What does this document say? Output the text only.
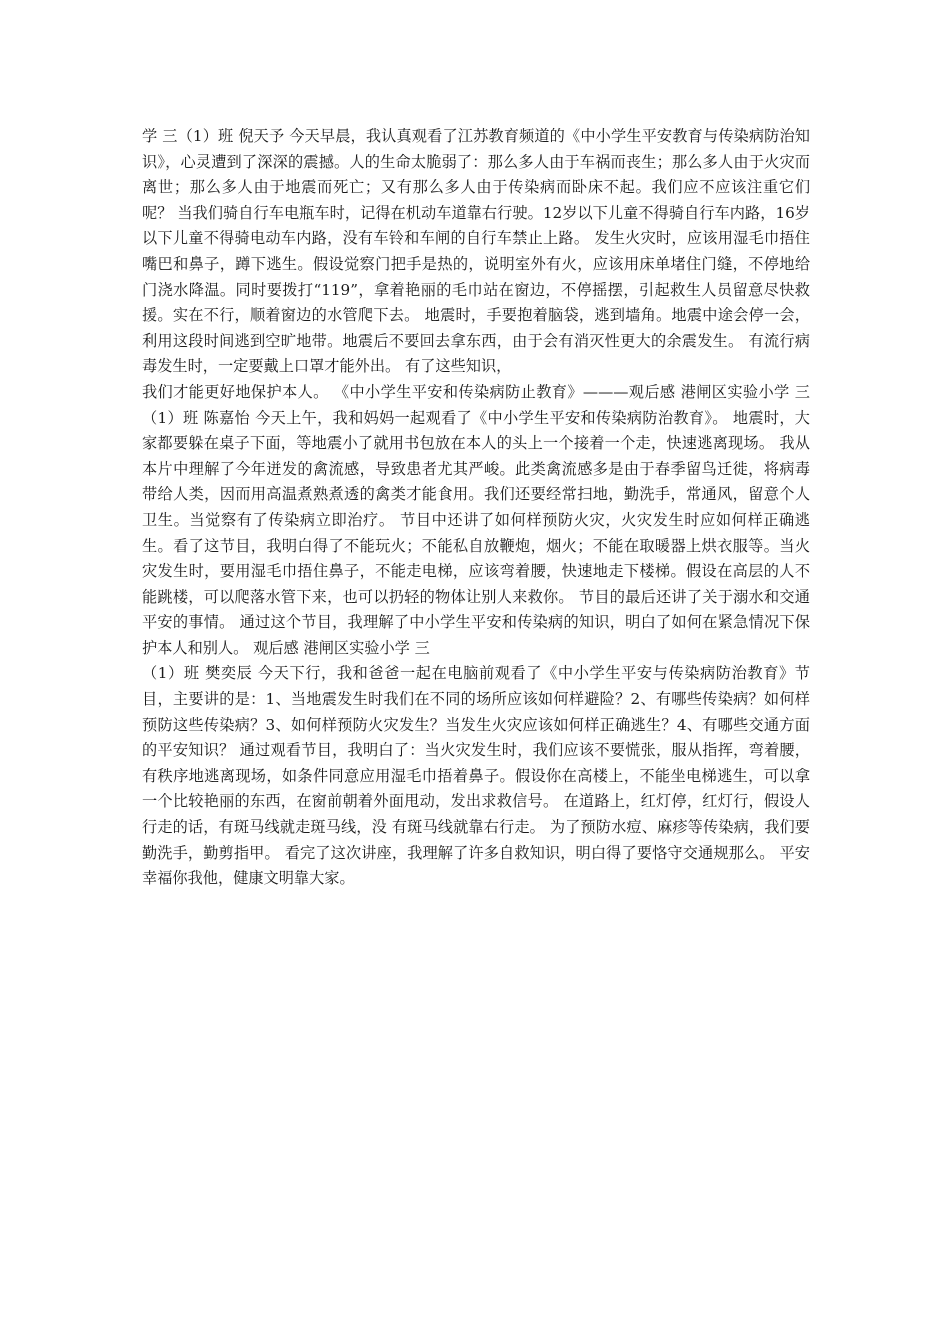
学 三（1）班 倪天予 今天早晨，我认真观看了江苏教育频道的《中小学生平安教育与传染病防治知识》，心灵遭到了深深的震撼。人的生命太脆弱了：那么多人由于车祸而丧生；那么多人由于火灾而离世；那么多人由于地震而死亡；又有那么多人由于传染病而卧床不起。我们应不应该注重它们呢？ 当我们骑自行车电瓶车时，记得在机动车道靠右行驶。12岁以下儿童不得骑自行车内路，16岁以下儿童不得骑电动车内路，没有车铃和车闸的自行车禁止上路。 发生火灾时，应该用湿毛巾捂住嘴巴和鼻子，蹲下逃生。假设觉察门把手是热的，说明室外有火，应该用床单堵住门缝，不停地给门浇水降温。同时要拨打“119”，拿着艳丽的毛巾站在窗边，不停摇摆，引起救生人员留意尽快救援。实在不行，顺着窗边的水管爬下去。 地震时，手要抱着脑袋，逃到墙角。地震中途会停一会，利用这段时间逃到空旷地带。地震后不要回去拿东西，由于会有消灭性更大的余震发生。 有流行病毒发生时，一定要戴上口罩才能外出。 有了这些知识，

我们才能更好地保护本人。 《中小学生平安和传染病防止教育》———观后感 港闸区实验小学 三（1）班 陈嘉怡 今天上午，我和妈妈一起观看了《中小学生平安和传染病防治教育》。 地震时，大家都要躲在桌子下面，等地震小了就用书包放在本人的头上一个接着一个走，快速逃离现场。 我从本片中理解了今年迸发的禽流感，导致患者尤其严峻。此类禽流感多是由于春季留鸟迁徙，将病毒带给人类，因而用高温煮熟煮透的禽类才能食用。我们还要经常扫地，勤洗手，常通风，留意个人卫生。当觉察有了传染病立即治疗。 节目中还讲了如何样预防火灾，火灾发生时应如何样正确逃生。看了这节目，我明白得了不能玩火；不能私自放鞭炮，烟火；不能在取暖器上烘衣服等。当火灾发生时，要用湿毛巾捂住鼻子，不能走电梯，应该弯着腰，快速地走下楼梯。假设在高层的人不能跳楼，可以爬落水管下来，也可以扔轻的物体让别人来救你。 节目的最后还讲了关于溺水和交通平安的事情。 通过这个节目，我理解了中小学生平安和传染病的知识，明白了如何在紧急情况下保护本人和别人。 观后感 港闸区实验小学 三

（1）班 樊奕辰 今天下行，我和爸爸一起在电脑前观看了《中小学生平安与传染病防治教育》节目，主要讲的是：1、当地震发生时我们在不同的场所应该如何样避险？2、有哪些传染病？如何样预防这些传染病？3、如何样预防火灾发生？当发生火灾应该如何样正确逃生？4、有哪些交通方面的平安知识？ 通过观看节目，我明白了：当火灾发生时，我们应该不要慌张，服从指挥，弯着腰，有秩序地逃离现场，如条件同意应用湿毛巾捂着鼻子。假设你在高楼上，不能坐电梯逃生，可以拿一个比较艳丽的东西，在窗前朝着外面甩动，发出求救信号。 在道路上，红灯停，红灯行，假设人行走的话，有斑马线就走斑马线，没 有斑马线就靠右行走。 为了预防水痘、麻疹等传染病，我们要勤洗手，勤剪指甲。 看完了这次讲座，我理解了许多自救知识，明白得了要恪守交通规那么。 平安幸福你我他，健康文明靠大家。
